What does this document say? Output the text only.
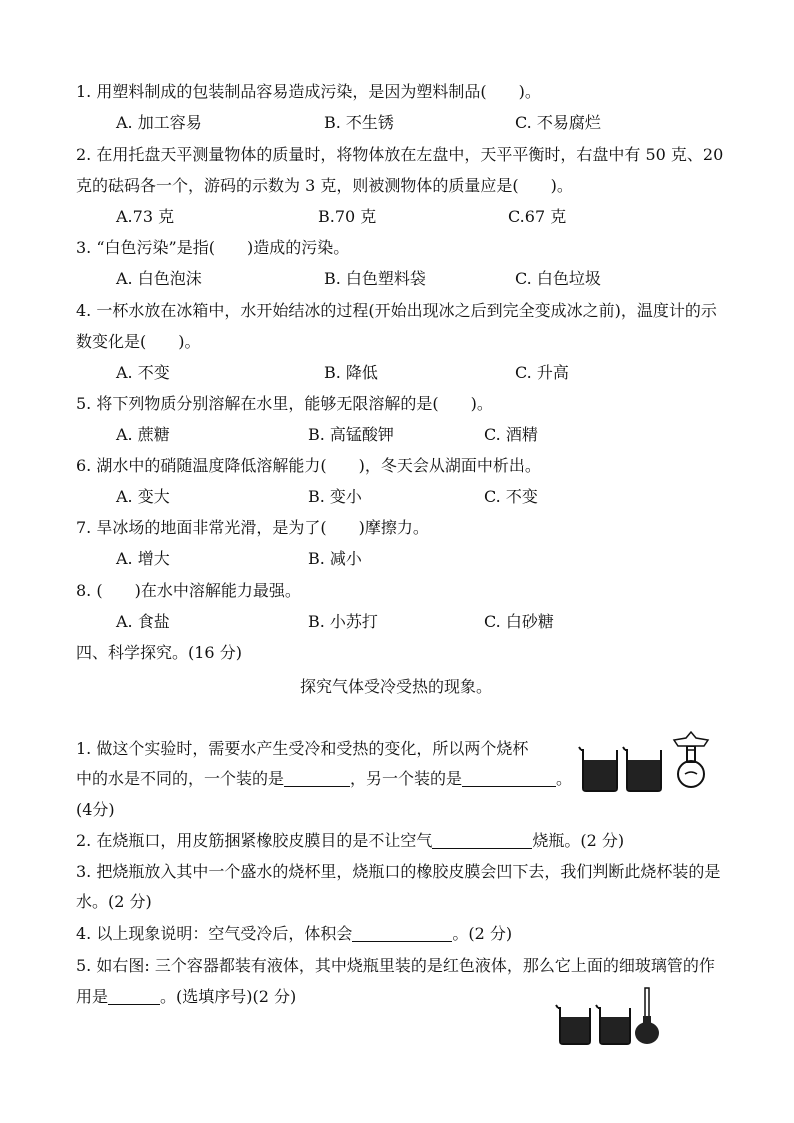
1. 用塑料制成的包装制品容易造成污染，是因为塑料制品(　　)。
A. 加工容易	B. 不生锈	C. 不易腐烂
2. 在用托盘天平测量物体的质量时，将物体放在左盘中，天平平衡时，右盘中有 50 克、20
克的砝码各一个，游码的示数为 3 克，则被测物体的质量应是(　　)。
A.73 克	B.70 克	C.67 克
3. “白色污染”是指(　　)造成的污染。
A. 白色泡沫	B. 白色塑料袋	C. 白色垃圾
4. 一杯水放在冰箱中，水开始结冰的过程(开始出现冰之后到完全变成冰之前)，温度计的示
数变化是(　　)。
A. 不变	B. 降低	C. 升高
5. 将下列物质分别溶解在水里，能够无限溶解的是(　　)。
A. 蔗糖	B. 高锰酸钾	C. 酒精
6. 湖水中的硝随温度降低溶解能力(　　)，冬天会从湖面中析出。
A. 变大	B. 变小	C. 不变
7. 旱冰场的地面非常光滑，是为了(　　)摩擦力。
A. 增大	B. 减小
8. (　　)在水中溶解能力最强。
A. 食盐	B. 小苏打	C. 白砂糖
四、科学探究。(16 分)
探究气体受冷受热的现象。
1. 做这个实验时，需要水产生受冷和受热的变化，所以两个烧杯
中的水是不同的，一个装的是	，另一个装的是	。
(4分)
2. 在烧瓶口，用皮筋捆紧橡胶皮膜目的是不让空气	烧瓶。(2 分)
3. 把烧瓶放入其中一个盛水的烧杯里，烧瓶口的橡胶皮膜会凹下去，我们判断此烧杯装的是
水。(2 分)
4. 以上现象说明：空气受冷后，体积会	。(2 分)
5. 如右图: 三个容器都装有液体，其中烧瓶里装的是红色液体，那么它上面的细玻璃管的作
用是	。(选填序号)(2 分)
